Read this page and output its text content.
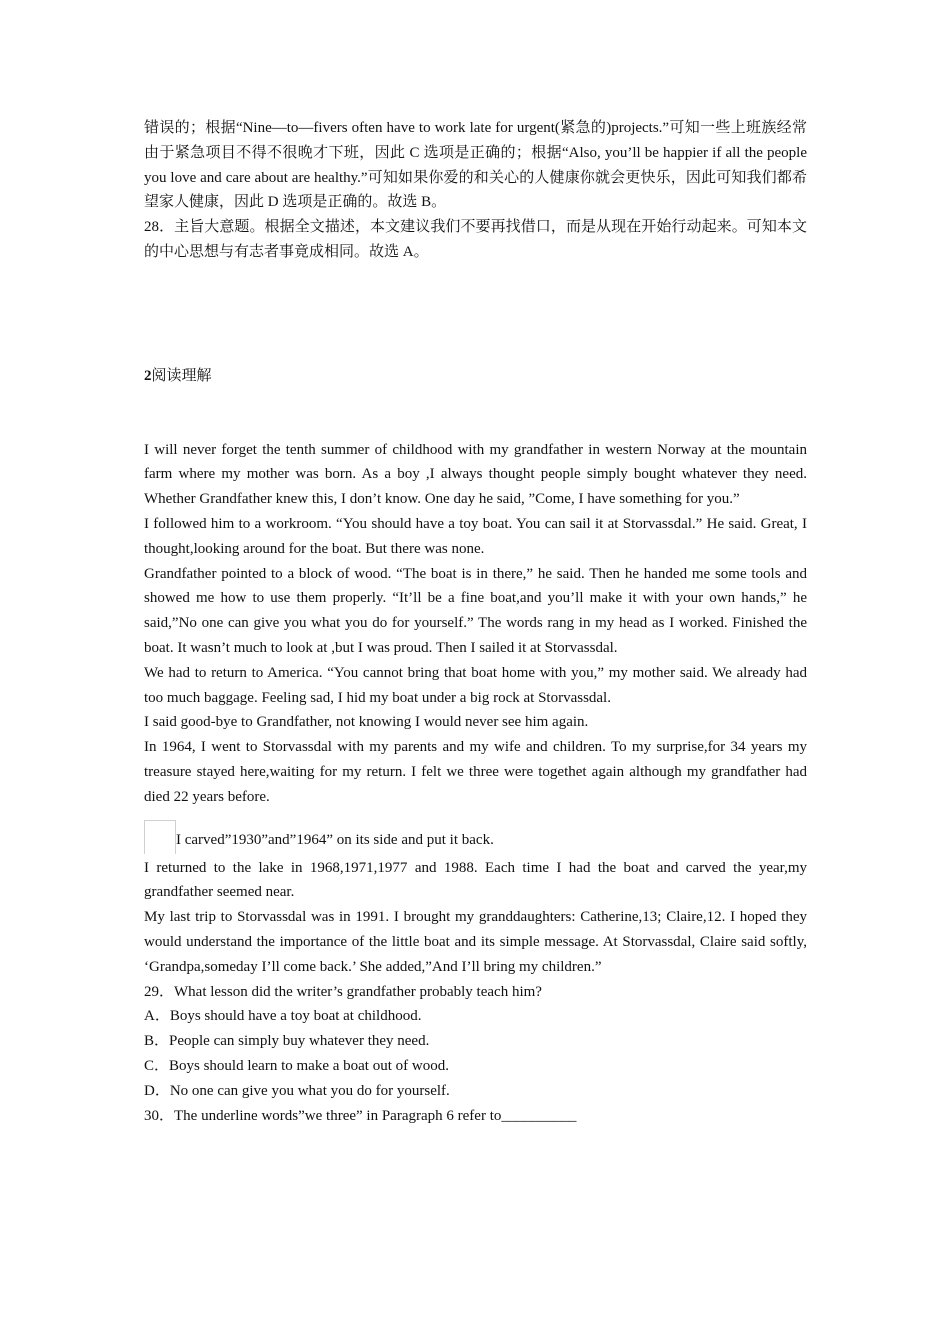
错误的；根据“Nine—to—fivers often have to work late for urgent(紧急的)projects.”可知一些上班族经常由于紧急项目不得不很晚才下班，因此 C 选项是正确的；根据“Also, you’ll be happier if all the people you love and care about are healthy.”可知如果你爱的和关心的人健康你就会更快乐，因此可知我们都希望家人健康，因此 D 选项是正确的。故选 B。

28．主旨大意题。根据全文描述，本文建议我们不要再找借口，而是从现在开始行动起来。可知本文的中心思想与有志者事竟成相同。故选 A。

2阅读理解

I will never forget the tenth summer of childhood with my grandfather in western Norway at the mountain farm where my mother was born. As a boy ,I always thought people simply bought whatever they need. Whether Grandfather knew this, I don’t know. One day he said, ”Come, I have something for you.”

I followed him to a workroom. “You should have a toy boat. You can sail it at Storvassdal.” He said. Great, I thought,looking around for the boat. But there was none.

Grandfather pointed to a block of wood. “The boat is in there,” he said. Then he handed me some tools and showed me how to use them properly. “It’ll be a fine boat,and you’ll make it with your own hands,” he said,”No one can give you what you do for yourself.” The words rang in my head as I worked. Finished the boat. It wasn’t much to look at ,but I was proud. Then I sailed it at Storvassdal.

We had to return to America. “You cannot bring that boat home with you,” my mother said. We already had too much baggage. Feeling sad, I hid my boat under a big rock at Storvassdal.

I said good-bye to Grandfather, not knowing I would never see him again.

In 1964, I went to Storvassdal with my parents and my wife and children. To my surprise,for 34 years my treasure stayed here,waiting for my return. I felt we three were togethet again although my grandfather had died 22 years before.

I carved”1930”and”1964” on its side and put it back.

I returned to the lake in 1968,1971,1977 and 1988. Each time I had the boat and carved the year,my grandfather seemed near.

My last trip to Storvassdal was in 1991. I brought my granddaughters: Catherine,13; Claire,12. I hoped they would understand the importance of the little boat and its simple message. At Storvassdal, Claire said softly, ‘Grandpa,someday I’ll come back.’ She added,”And I’ll bring my children.”

29．What lesson did the writer’s grandfather probably teach him?

A．Boys should have a toy boat at childhood.

B．People can simply buy whatever they need.

C．Boys should learn to make a boat out of wood.

D．No one can give you what you do for yourself.

30．The underline words”we three” in Paragraph 6 refer to__________
